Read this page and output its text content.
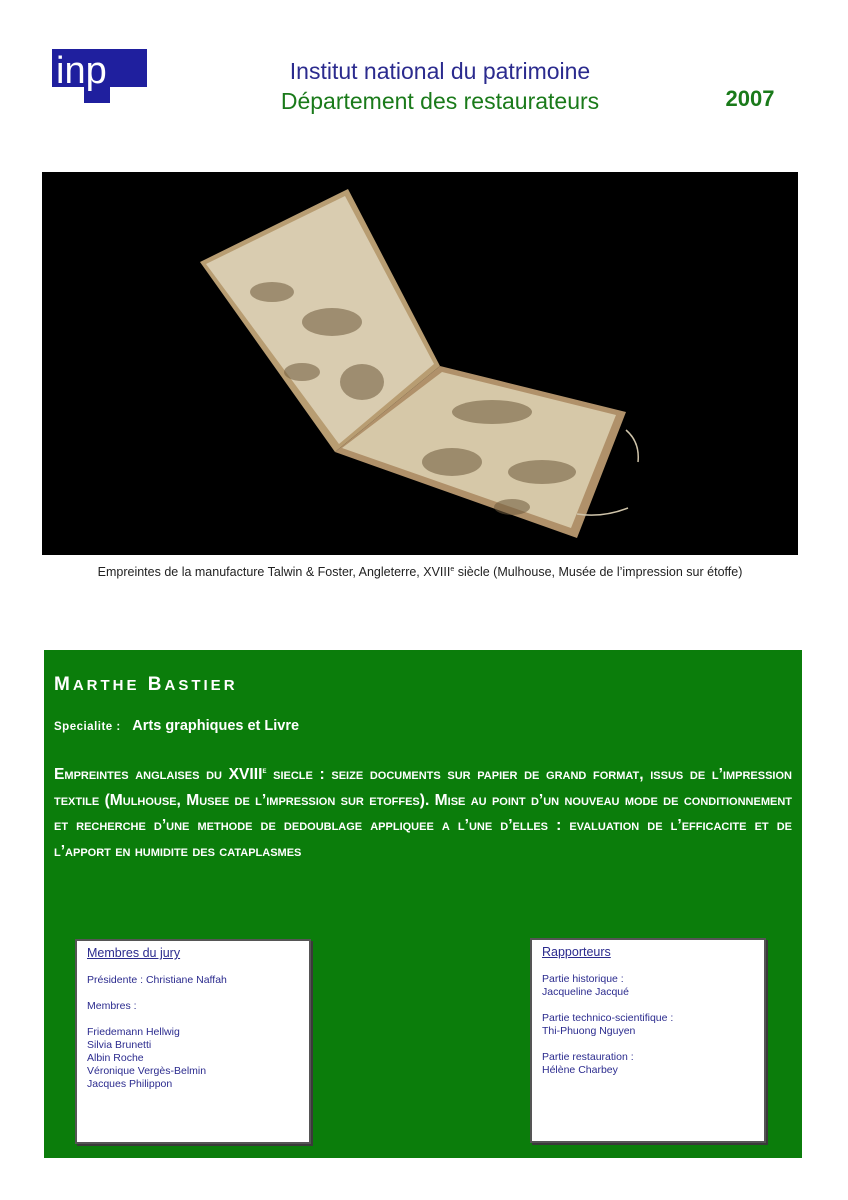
inp	Institut national du patrimoine
Département des restaurateurs	2007
Empreintes de la manufacture Talwin & Foster, Angleterre, XVIIIe siècle (Mulhouse, Musée de l’impression sur étoffe)
MARTHE BASTIER
Specialite : Arts graphiques et Livre
Empreintes anglaises du XVIIIe siecle : seize documents sur papier de grand format, issus de l’impression textile (Mulhouse, Musee de l’impression sur etoffes). Mise au point d’un nouveau mode de conditionnement et recherche d’une methode de dedoublage appliquee a l’une d’elles : evaluation de l’efficacite et de l’apport en humidite des cataplasmes
Membres du jury
Présidente : Christiane Naffah
Membres :
Friedemann Hellwig
Silvia Brunetti
Albin Roche
Véronique Vergès-Belmin
Jacques Philippon
Rapporteurs
Partie historique :
Jacqueline Jacqué
Partie technico-scientifique :
Thi-Phuong Nguyen
Partie restauration :
Hélène Charbey
